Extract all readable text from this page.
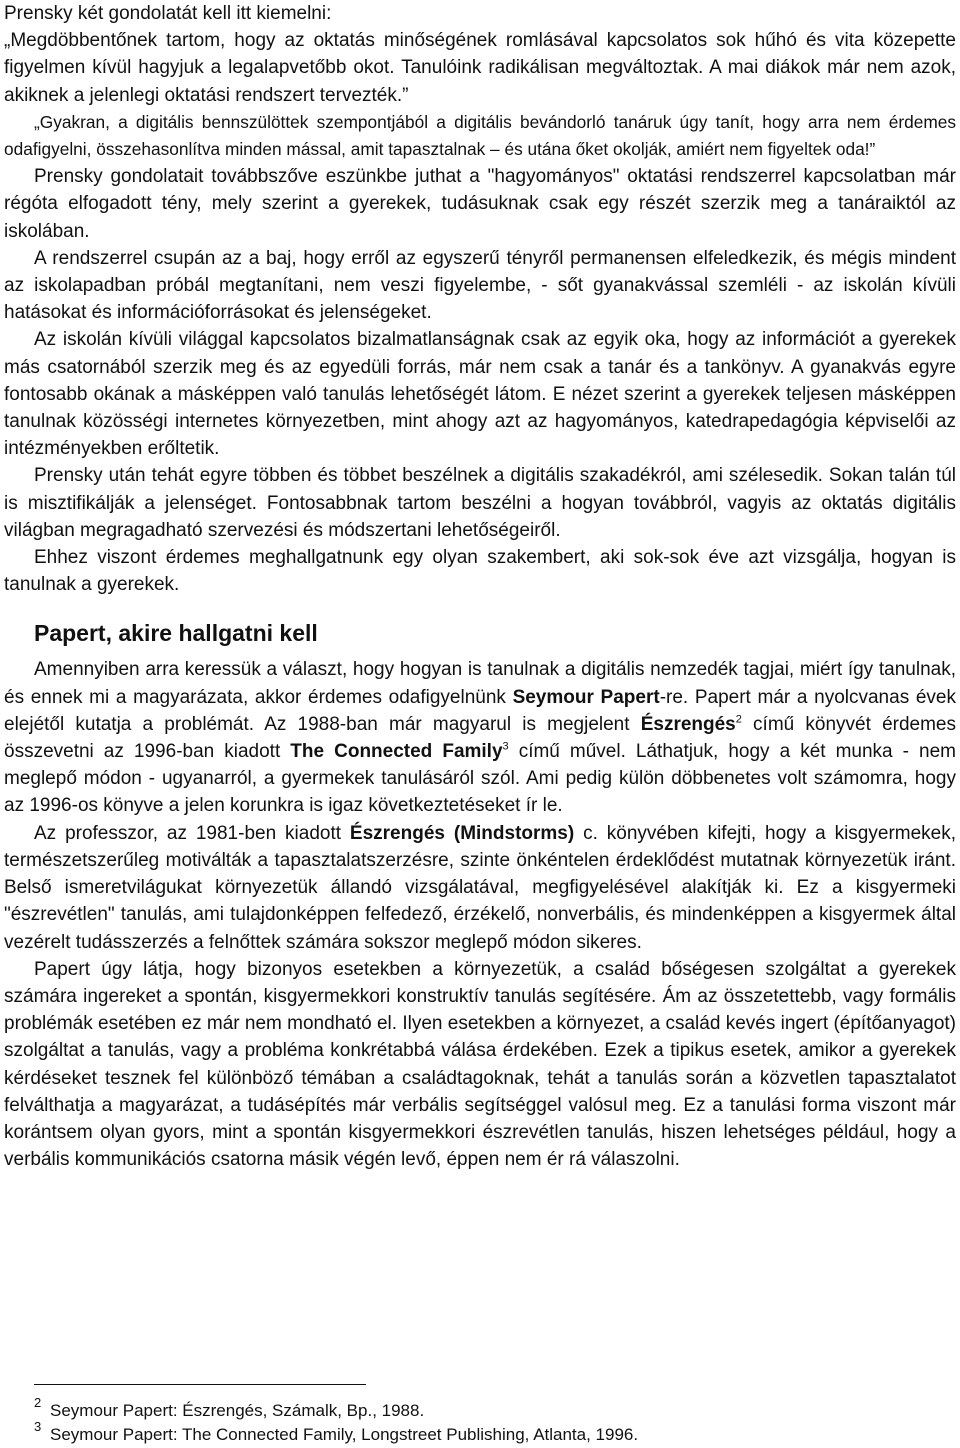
Prensky két gondolatát kell itt kiemelni:

„Megdöbbentőnek tartom, hogy az oktatás minőségének romlásával kapcsolatos sok hűhó és vita közepette figyelmen kívül hagyjuk a legalapvetőbb okot. Tanulóink radikálisan megváltoztak. A mai diákok már nem azok, akiknek a jelenlegi oktatási rendszert tervezték.”

„Gyakran, a digitális bennszülöttek szempontjából a digitális bevándorló tanáruk úgy tanít, hogy arra nem érdemes odafigyelni, összehasonlítva minden mással, amit tapasztalnak – és utána őket okolják, amiért nem figyeltek oda!”

Prensky gondolatait továbbszőve eszünkbe juthat a "hagyományos" oktatási rendszerrel kapcsolatban már régóta elfogadott tény, mely szerint a gyerekek, tudásuknak csak egy részét szerzik meg a tanáraiktól az iskolában.

A rendszerrel csupán az a baj, hogy erről az egyszerű tényről permanensen elfeledkezik, és mégis mindent az iskolapadban próbál megtanítani, nem veszi figyelembe, - sőt gyanakvással szemléli - az iskolán kívüli hatásokat és információforrásokat és jelenségeket.

Az iskolán kívüli világgal kapcsolatos bizalmatlanságnak csak az egyik oka, hogy az információt a gyerekek más csatornából szerzik meg és az egyedüli forrás, már nem csak a tanár és a tankönyv. A gyanakvás egyre fontosabb okának a másképpen való tanulás lehetőségét látom. E nézet szerint a gyerekek teljesen másképpen tanulnak közösségi internetes környezetben, mint ahogy azt az hagyományos, katedrapedagógia képviselői az intézményekben erőltetik.

Prensky után tehát egyre többen és többet beszélnek a digitális szakadékról, ami szélesedik. Sokan talán túl is misztifikálják a jelenséget. Fontosabbnak tartom beszélni a hogyan továbbról, vagyis az oktatás digitális világban megragadható szervezési és módszertani lehetőségeiről.

Ehhez viszont érdemes meghallgatnunk egy olyan szakembert, aki sok-sok éve azt vizsgálja, hogyan is tanulnak a gyerekek.

Papert, akire hallgatni kell

Amennyiben arra keressük a választ, hogy hogyan is tanulnak a digitális nemzedék tagjai, miért így tanulnak, és ennek mi a magyarázata, akkor érdemes odafigyelnünk Seymour Papert-re. Papert már a nyolcvanas évek elejétől kutatja a problémát. Az 1988-ban már magyarul is megjelent Észrengés$^2$ című könyvét érdemes összevetni az 1996-ban kiadott The Connected Family$^3$ című művel. Láthatjuk, hogy a két munka - nem meglepő módon - ugyanarról, a gyermekek tanulásáról szól. Ami pedig külön döbbenetes volt számomra, hogy az 1996-os könyve a jelen korunkra is igaz következtetéseket ír le.

Az professzor, az 1981-ben kiadott Észrengés (Mindstorms) c. könyvében kifejti, hogy a kisgyermekek, természetszerűleg motiválták a tapasztalatszerzésre, szinte önkéntelen érdeklődést mutatnak környezetük iránt. Belső ismeretvilágukat környezetük állandó vizsgálatával, megfigyelésével alakítják ki. Ez a kisgyermeki "észrevétlen" tanulás, ami tulajdonképpen felfedező, érzékelő, nonverbális, és mindenképpen a kisgyermek által vezérelt tudásszerzés a felnőttek számára sokszor meglepő módon sikeres.

Papert úgy látja, hogy bizonyos esetekben a környezetük, a család bőségesen szolgáltat a gyerekek számára ingereket a spontán, kisgyermekkori konstruktív tanulás segítésére. Ám az összetettebb, vagy formális problémák esetében ez már nem mondható el. Ilyen esetekben a környezet, a család kevés ingert (építőanyagot) szolgáltat a tanulás, vagy a probléma konkrétabbá válása érdekében. Ezek a tipikus esetek, amikor a gyerekek kérdéseket tesznek fel különböző témában a családtagoknak, tehát a tanulás során a közvetlen tapasztalatot felválthatja a magyarázat, a tudásépítés már verbális segítséggel valósul meg. Ez a tanulási forma viszont már korántsem olyan gyors, mint a spontán kisgyermekkori észrevétlen tanulás, hiszen lehetséges például, hogy a verbális kommunikációs csatorna másik végén levő, éppen nem ér rá válaszolni.

2 Seymour Papert: Észrengés, Számalk, Bp., 1988.
3 Seymour Papert: The Connected Family, Longstreet Publishing, Atlanta, 1996.
